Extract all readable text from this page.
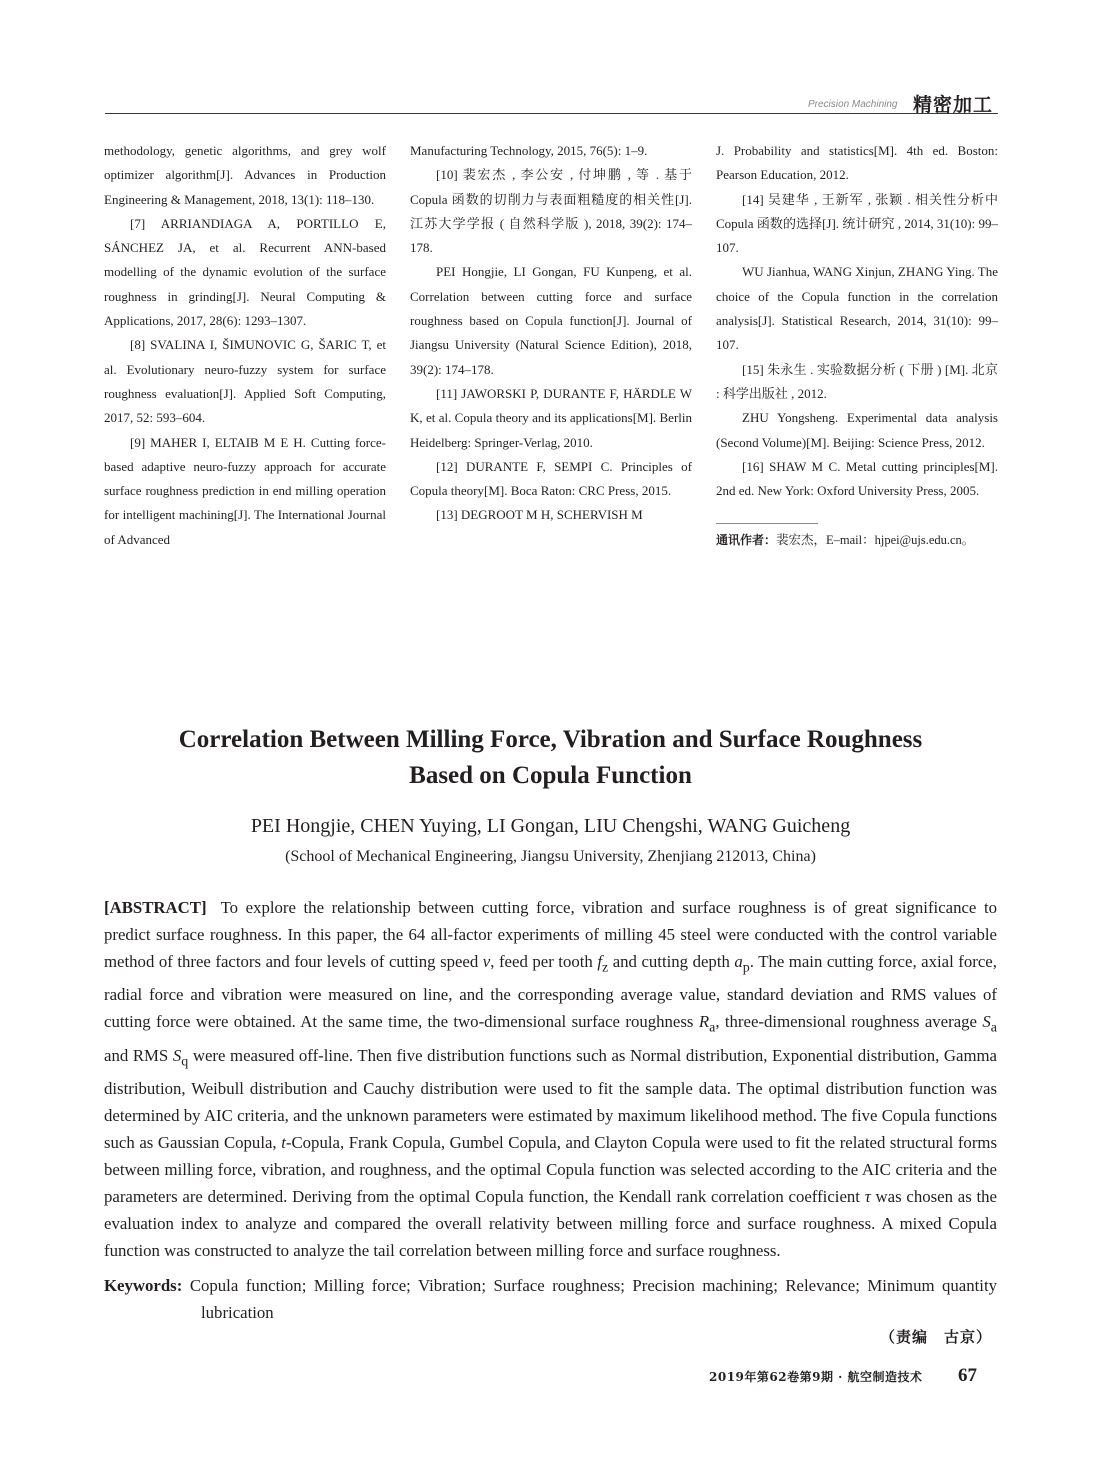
Precision Machining 精密加工

methodology, genetic algorithms, and grey wolf optimizer algorithm[J]. Advances in Production Engineering & Management, 2018, 13(1): 118–130.

[7] ARRIANDIAGA A, PORTILLO E, SÁNCHEZ JA, et al. Recurrent ANN-based modelling of the dynamic evolution of the surface roughness in grinding[J]. Neural Computing & Applications, 2017, 28(6): 1293–1307.

[8] SVALINA I, ŠIMUNOVIC G, ŠARIC T, et al. Evolutionary neuro-fuzzy system for surface roughness evaluation[J]. Applied Soft Computing, 2017, 52: 593–604.

[9] MAHER I, ELTAIB M E H. Cutting force-based adaptive neuro-fuzzy approach for accurate surface roughness prediction in end milling operation for intelligent machining[J]. The International Journal of Advanced

Manufacturing Technology, 2015, 76(5): 1–9.

[10] 裴宏杰 , 李公安 , 付坤鹏 , 等 . 基于 Copula 函数的切削力与表面粗糙度的相关性[J]. 江苏大学学报 ( 自然科学版 ), 2018, 39(2): 174–178.

PEI Hongjie, LI Gongan, FU Kunpeng, et al. Correlation between cutting force and surface roughness based on Copula function[J]. Journal of Jiangsu University (Natural Science Edition), 2018, 39(2): 174–178.

[11] JAWORSKI P, DURANTE F, HÄRDLE W K, et al. Copula theory and its applications[M]. Berlin Heidelberg: Springer-Verlag, 2010.

[12] DURANTE F, SEMPI C. Principles of Copula theory[M]. Boca Raton: CRC Press, 2015.

[13] DEGROOT M H, SCHERVISH M

J. Probability and statistics[M]. 4th ed. Boston: Pearson Education, 2012.

[14] 吴建华 , 王新军 , 张颖 . 相关性分析中 Copula 函数的选择[J]. 统计研究 , 2014, 31(10): 99–107.

WU Jianhua, WANG Xinjun, ZHANG Ying. The choice of the Copula function in the correlation analysis[J]. Statistical Research, 2014, 31(10): 99–107.

[15] 朱永生 . 实验数据分析 ( 下册 ) [M]. 北京 : 科学出版社 , 2012.

ZHU Yongsheng. Experimental data analysis (Second Volume)[M]. Beijing: Science Press, 2012.

[16] SHAW M C. Metal cutting principles[M]. 2nd ed. New York: Oxford University Press, 2005.

通讯作者：裴宏杰，E–mail：hjpei@ujs.edu.cn。
Correlation Between Milling Force, Vibration and Surface Roughness
Based on Copula Function

PEI Hongjie, CHEN Yuying, LI Gongan, LIU Chengshi, WANG Guicheng

(School of Mechanical Engineering, Jiangsu University, Zhenjiang 212013, China)

[ABSTRACT] To explore the relationship between cutting force, vibration and surface roughness is of great significance to predict surface roughness. In this paper, the 64 all-factor experiments of milling 45 steel were conducted with the control variable method of three factors and four levels of cutting speed v, feed per tooth $f_z$ and cutting depth $a_p$. The main cutting force, axial force, radial force and vibration were measured on line, and the corresponding average value, standard deviation and RMS values of cutting force were obtained. At the same time, the two-dimensional surface roughness $R_a$, three-dimensional roughness average $S_a$ and RMS $S_q$ were measured off-line. Then five distribution functions such as Normal distribution, Exponential distribution, Gamma distribution, Weibull distribution and Cauchy distribution were used to fit the sample data. The optimal distribution function was determined by AIC criteria, and the unknown parameters were estimated by maximum likelihood method. The five Copula functions such as Gaussian Copula, t-Copula, Frank Copula, Gumbel Copula, and Clayton Copula were used to fit the related structural forms between milling force, vibration, and roughness, and the optimal Copula function was selected according to the AIC criteria and the parameters are determined. Deriving from the optimal Copula function, the Kendall rank correlation coefficient τ was chosen as the evaluation index to analyze and compared the overall relativity between milling force and surface roughness. A mixed Copula function was constructed to analyze the tail correlation between milling force and surface roughness.

Keywords: Copula function; Milling force; Vibration; Surface roughness; Precision machining; Relevance; Minimum quantity lubrication

（责编　古京）
2019年第62卷第9期 · 航空制造技术 67
